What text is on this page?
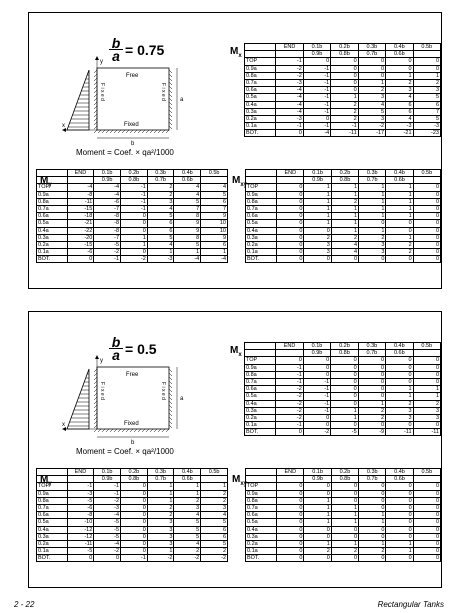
Free
Fixed
F i x e d	F i x e d
b
a
y
x
$\frac{b}{a} = 0.75$
Moment = Coef. × qa²/1000
$M_x$
	END	0.1b	0.2b	0.3b	0.4b	0.5b
		0.9b	0.8b	0.7b	0.6b	
TOP	-1	0	0	0	0	0
0.9a	-2	-1	0	0	0	0
0.8a	-2	-1	0	0	1	1
0.7a	-3	-1	0	1	2	2
0.6a	-4	-1	0	2	3	3
0.5a	-4	-1	1	3	4	5
0.4a	-4	-1	2	4	6	6
0.3a	-4	-1	2	5	6	7
0.2a	-3	0	2	3	4	5
0.1a	-1	-1	-1	-2	-3	-3
BOT.	0	-4	-11	-17	-21	-23
$M_y$
	END	0.1b	0.2b	0.3b	0.4b	0.5b
		0.9b	0.8b	0.7b	0.6b	
TOP	-4	-4	-1	2	4	4
0.9a	-8	-4	-1	2	4	5
0.8a	-11	-6	-1	3	5	6
0.7a	-15	-7	-1	4	7	7
0.6a	-18	-8	0	5	8	9
0.5a	-21	-8	0	6	9	10
0.4a	-22	-8	0	6	9	10
0.3a	-20	-7	1	5	8	9
0.2a	-15	-5	1	4	5	6
0.1a	-6	-2	0	1	1	1
BOT.	0	-1	-2	-3	-4	-4
$M_{xy}$
	END	0.1b	0.2b	0.3b	0.4b	0.5b
		0.9b	0.8b	0.7b	0.6b	
TOP	0	1	1	1	1	0
0.9a	0	1	1	1	1	0
0.8a	0	1	2	1	1	0
0.7a	0	1	1	1	1	0
0.6a	0	1	1	1	1	0
0.5a	0	1	1	0	0	0
0.4a	0	0	1	1	0	0
0.3a	0	2	2	2	1	0
0.2a	0	3	4	3	2	0
0.1a	0	3	4	3	2	0
BOT.	0	0	0	0	0	0
Free
Fixed
F i x e d	F i x e d
b
a
y
x
$\frac{b}{a} = 0.5$
Moment = Coef. × qa²/1000
$M_x$
	END	0.1b	0.2b	0.3b	0.4b	0.5b
		0.9b	0.8b	0.7b	0.6b	
TOP	0	0	0	0	0	0
0.9a	-1	0	0	0	0	0
0.8a	-1	0	0	0	0	0
0.7a	-1	-1	0	0	0	0
0.6a	-2	-1	0	0	1	1
0.5a	-2	-1	0	0	1	1
0.4a	-2	-1	0	1	2	2
0.3a	-2	-1	1	2	3	3
0.2a	-2	0	1	2	3	3
0.1a	-1	0	0	0	0	0
BOT.	0	-2	-5	-9	-11	-11
$M_y$
	END	0.1b	0.2b	0.3b	0.4b	0.5b
		0.9b	0.8b	0.7b	0.6b	
TOP	-1	-1	0	1	1	1
0.9a	-3	-1	0	1	1	2
0.8a	-5	-2	0	1	2	2
0.7a	-6	-3	0	2	3	3
0.6a	-8	-4	0	2	4	4
0.5a	-10	-5	0	3	5	5
0.4a	-12	-5	0	3	5	6
0.3a	-12	-5	0	3	5	6
0.2a	-11	-4	0	3	4	5
0.1a	-5	-2	0	1	2	2
BOT.	0	0	-1	-2	-2	-2
$M_{xy}$
	END	0.1b	0.2b	0.3b	0.4b	0.5b
		0.9b	0.8b	0.7b	0.6b	
TOP	0	0	0	0	0	0
0.9a	0	0	0	0	0	0
0.8a	0	1	0	0	0	0
0.7a	0	1	1	0	0	0
0.6a	0	1	1	1	0	0
0.5a	0	1	1	1	0	0
0.4a	0	0	0	0	0	0
0.3a	0	0	0	0	0	0
0.2a	0	1	1	1	1	0
0.1a	0	2	2	2	1	0
BOT.	0	0	0	0	0	0
2 - 22	Rectangular Tanks
